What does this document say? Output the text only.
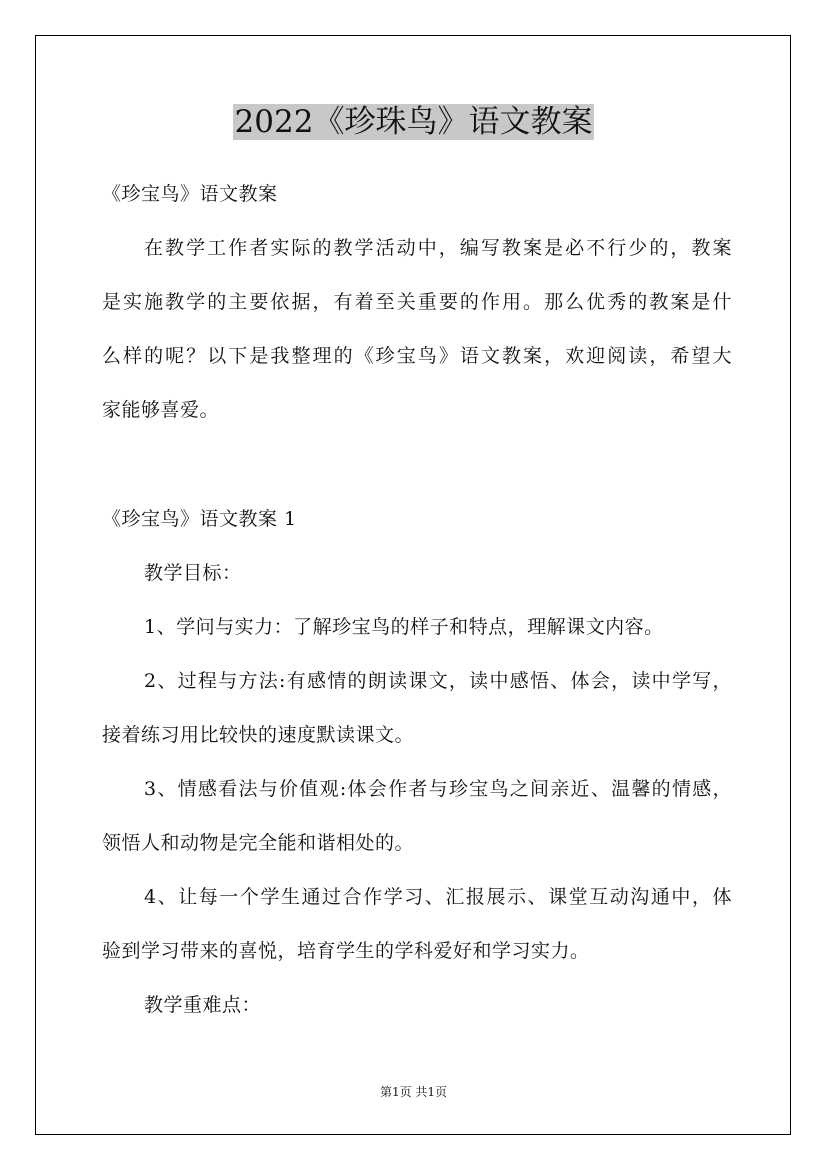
2022《珍珠鸟》语文教案
《珍宝鸟》语文教案
在教学工作者实际的教学活动中，编写教案是必不行少的，教案
是实施教学的主要依据，有着至关重要的作用。那么优秀的教案是什
么样的呢？以下是我整理的《珍宝鸟》语文教案，欢迎阅读，希望大
家能够喜爱。
《珍宝鸟》语文教案 1
教学目标：
1、学问与实力：了解珍宝鸟的样子和特点，理解课文内容。
2、过程与方法:有感情的朗读课文，读中感悟、体会，读中学写，
接着练习用比较快的速度默读课文。
3、情感看法与价值观:体会作者与珍宝鸟之间亲近、温馨的情感，
领悟人和动物是完全能和谐相处的。
4、让每一个学生通过合作学习、汇报展示、课堂互动沟通中，体
验到学习带来的喜悦，培育学生的学科爱好和学习实力。
教学重难点：
第1页 共1页
